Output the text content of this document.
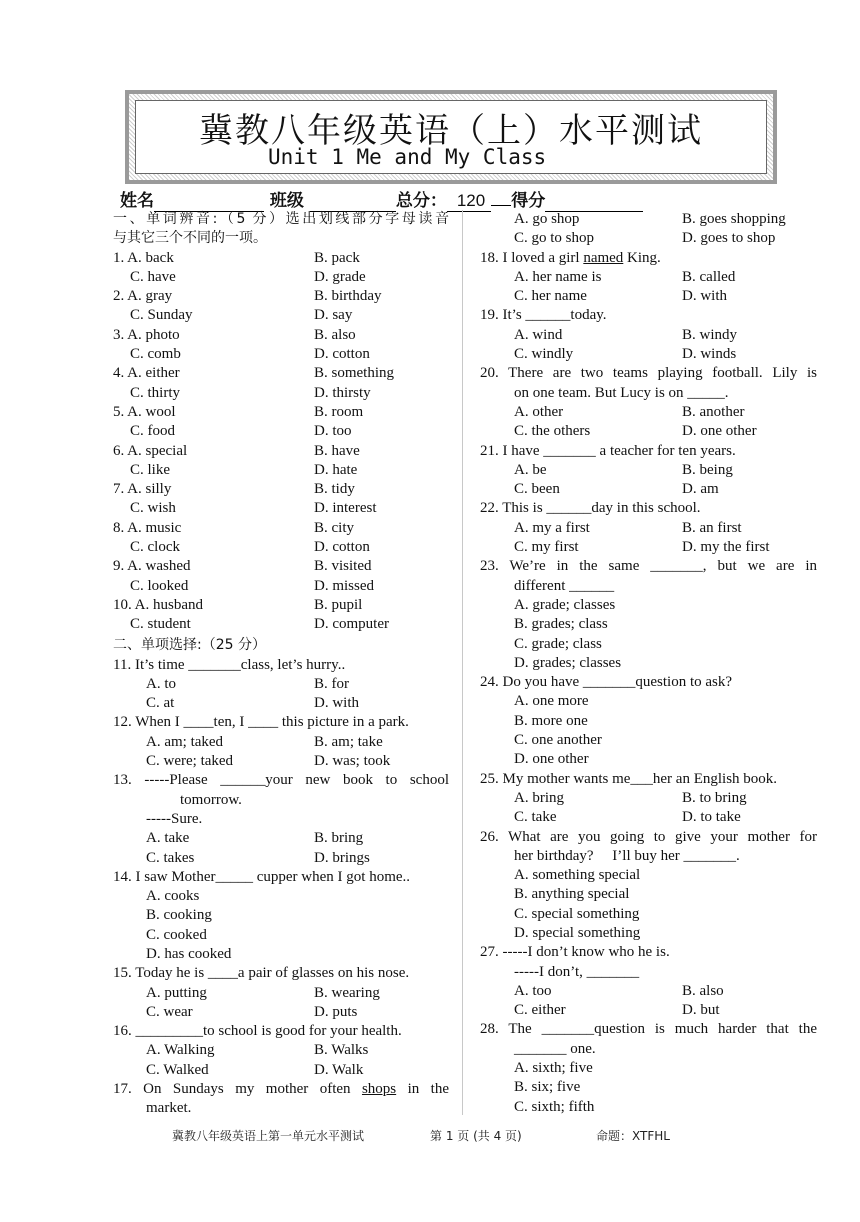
冀教八年级英语（上）水平测试
Unit 1 Me and My Class
姓名	班级	总分： 120 得分
一、单词辨音:（5 分）选出划线部分字母读音
与其它三个不同的一项。
1. A. back	B. pack
C. have	D. grade
2. A. gray	B. birthday
C. Sunday	D. say
3. A. photo	B. also
C. comb	D. cotton
4. A. either	B. something
C. thirty	D. thirsty
5. A. wool	B. room
C. food	D. too
6. A. special	B. have
C. like	D. hate
7. A. silly	B. tidy
C. wish	D. interest
8. A. music	B. city
C. clock	D. cotton
9. A. washed	B. visited
C. looked	D. missed
10. A. husband	B. pupil
C. student	D. computer
二、单项选择:（25 分）
11. It’s time _______class, let’s hurry..
A. to	B. for
C. at	D. with
12. When I ____ten, I ____ this picture in a park.
A. am; taked	B. am; take
C. were; taked	D. was; took
13. -----Please ______your new book to school
tomorrow.
-----Sure.
A. take	B. bring
C. takes	D. brings
14. I saw Mother_____ cupper when I got home..
A. cooks
B. cooking
C. cooked
D. has cooked
15. Today he is ____a pair of glasses on his nose.
A. putting	B. wearing
C. wear	D. puts
16. _________to school is good for your health.
A. Walking	B. Walks
C. Walked	D. Walk
17. On Sundays my mother often shops in the
market.
A. go shop	B. goes shopping
C. go to shop	D. goes to shop
18. I loved a girl named King.
A. her name is	B. called
C. her name	D. with
19. It’s ______today.
A. wind	B. windy
C. windly	D. winds
20. There are two teams playing football. Lily is
on one team. But Lucy is on _____.
A. other	B. another
C. the others	D. one other
21. I have _______ a teacher for ten years.
A. be	B. being
C. been	D. am
22. This is ______day in this school.
A. my a first	B. an first
C. my first	D. my the first
23. We’re in the same _______, but we are in
different ______
A. grade; classes
B. grades; class
C. grade; class
D. grades; classes
24. Do you have _______question to ask?
A. one more
B. more one
C. one another
D. one other
25. My mother wants me___her an English book.
A. bring	B. to bring
C. take	D. to take
26. What are you going to give your mother for
her birthday?     I’ll buy her _______.
A. something special
B. anything special
C. special something
D. special something
27. -----I don’t know who he is.
-----I don’t, _______
A. too	B. also
C. either	D. but
28. The _______question is much harder that the
_______ one.
A. sixth; five
B. six; five
C. sixth; fifth
冀教八年级英语上第一单元水平测试	第 1 页 (共 4 页)	命题：XTFHL
